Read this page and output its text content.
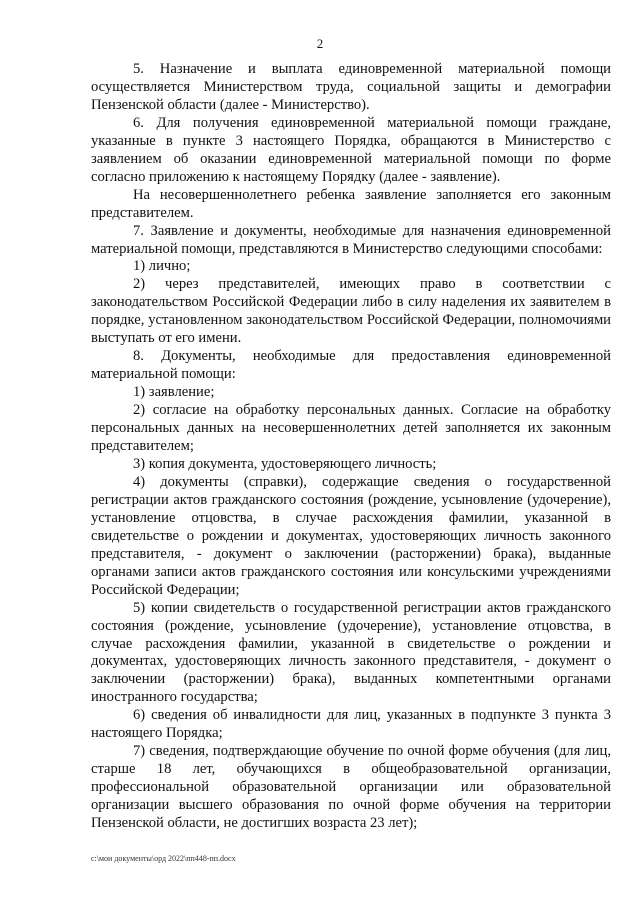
2

5. Назначение и выплата единовременной материальной помощи осуществляется Министерством труда, социальной защиты и демографии Пензенской области (далее - Министерство).

6. Для получения единовременной материальной помощи граждане, указанные в пункте 3 настоящего Порядка, обращаются в Министерство с заявлением об оказании единовременной материальной помощи по форме согласно приложению к настоящему Порядку (далее - заявление).

На несовершеннолетнего ребенка заявление заполняется его законным представителем.

7. Заявление и документы, необходимые для назначения единовременной материальной помощи, представляются в Министерство следующими способами:

1) лично;

2) через представителей, имеющих право в соответствии с законодательством Российской Федерации либо в силу наделения их заявителем в порядке, установленном законодательством Российской Федерации, полномочиями выступать от его имени.

8. Документы, необходимые для предоставления единовременной материальной помощи:

1) заявление;

2) согласие на обработку персональных данных. Согласие на обработку персональных данных на несовершеннолетних детей заполняется их законным представителем;

3) копия документа, удостоверяющего личность;

4) документы (справки), содержащие сведения о государственной регистрации актов гражданского состояния (рождение, усыновление (удочерение), установление отцовства, в случае расхождения фамилии, указанной в свидетельстве о рождении и документах, удостоверяющих личность законного представителя, - документ о заключении (расторжении) брака), выданные органами записи актов гражданского состояния или консульскими учреждениями Российской Федерации;

5) копии свидетельств о государственной регистрации актов гражданского состояния (рождение, усыновление (удочерение), установление отцовства, в случае расхождения фамилии, указанной в свидетельстве о рождении и документах, удостоверяющих личность законного представителя, - документ о заключении (расторжении) брака), выданных компетентными органами иностранного государства;

6) сведения об инвалидности для лиц, указанных в подпункте 3 пункта 3 настоящего Порядка;

7) сведения, подтверждающие обучение по очной форме обучения (для лиц, старше 18 лет, обучающихся в общеобразовательной организации, профессиональной образовательной организации или образовательной организации высшего образования по очной форме обучения на территории Пензенской области, не достигших возраста 23 лет);

c:\мои документы\орд 2022\пп448-пп.docx
